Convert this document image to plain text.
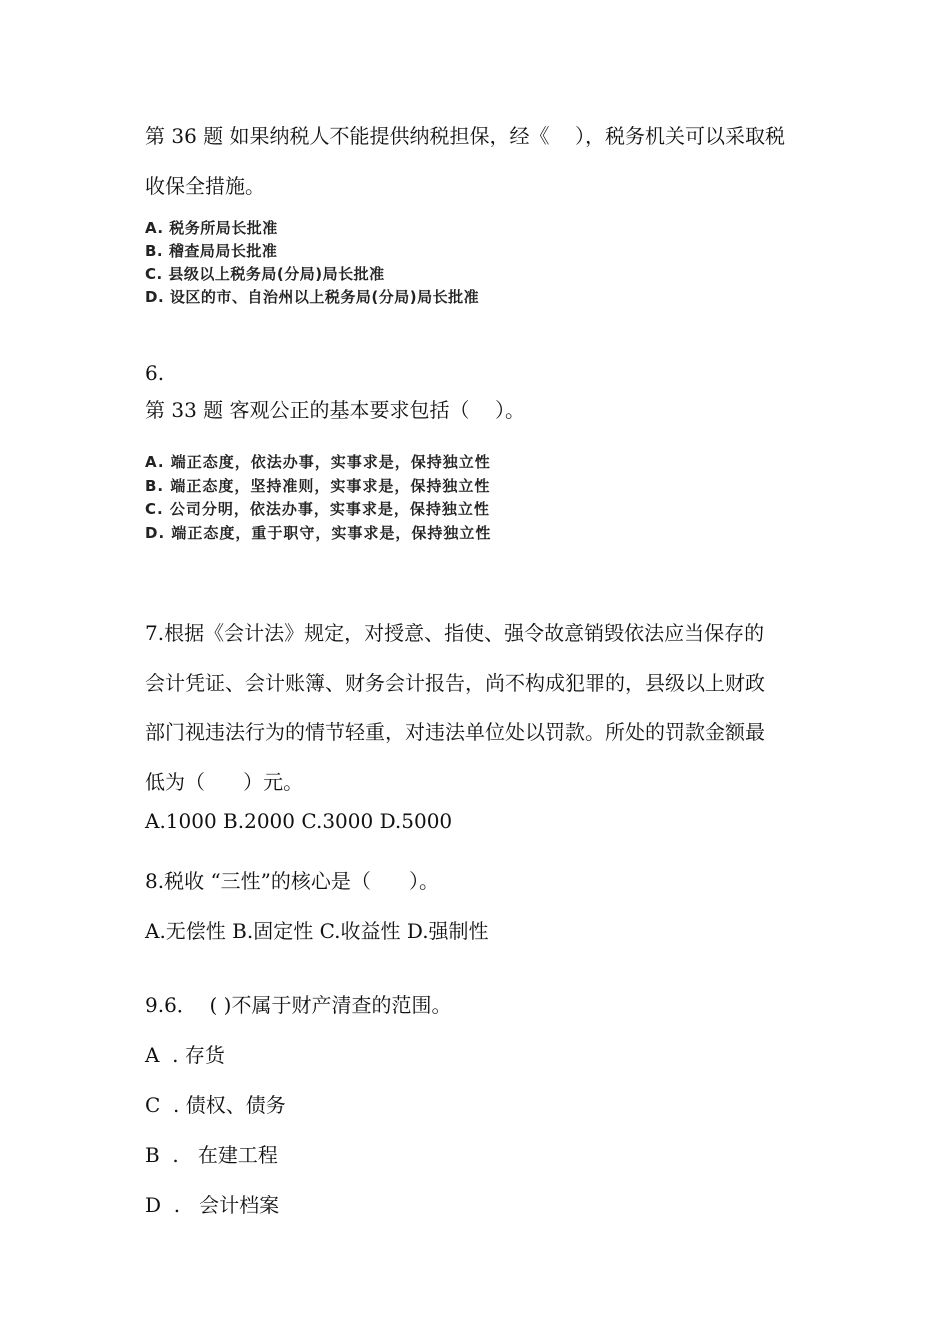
第 36 题 如果纳税人不能提供纳税担保，经《    ），税务机关可以采取税
收保全措施。
A. 税务所局长批准
B. 稽查局局长批准
C. 县级以上税务局(分局)局长批准
D. 设区的市、自治州以上税务局(分局)局长批准
6.
第 33 题 客观公正的基本要求包括（    ）。
A. 端正态度，依法办事，实事求是，保持独立性
B. 端正态度，坚持准则，实事求是，保持独立性
C. 公司分明，依法办事，实事求是，保持独立性
D. 端正态度，重于职守，实事求是，保持独立性
7.根据《会计法》规定，对授意、指使、强令故意销毁依法应当保存的
会计凭证、会计账簿、财务会计报告，尚不构成犯罪的，县级以上财政
部门视违法行为的情节轻重，对违法单位处以罚款。所处的罚款金额最
低为（      ）元。
A.1000 B.2000 C.3000 D.5000
8.税收 “三性”的核心是（      ）。
A.无偿性 B.固定性 C.收益性 D.强制性
9.6．  ( )不属于财产清查的范围。
A  . 存货
C  . 债权、债务
B  .   在建工程
D  .   会计档案
